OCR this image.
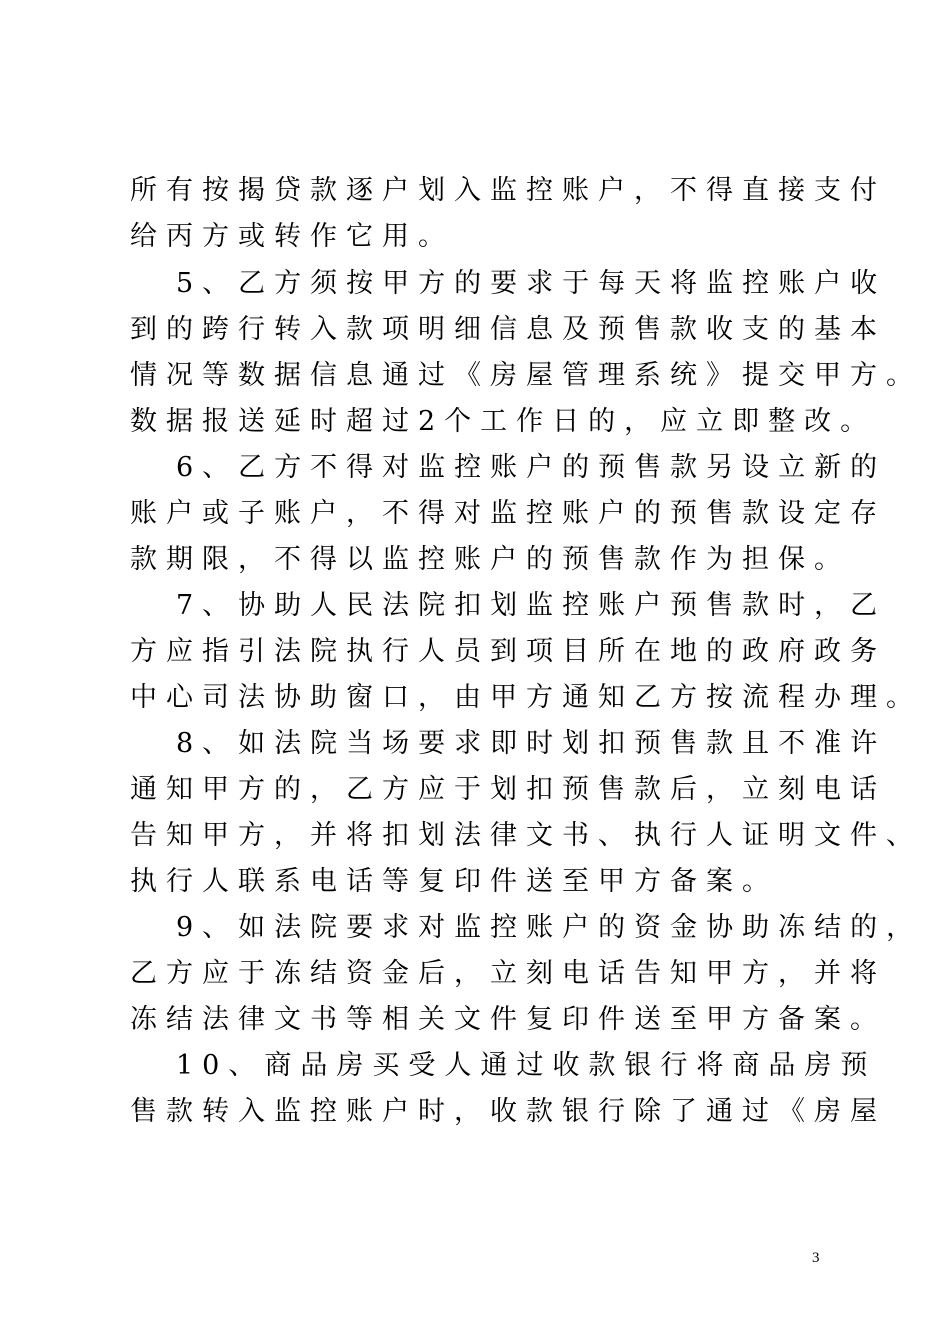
所有按揭贷款逐户划入监控账户，不得直接支付
给丙方或转作它用。
5、乙方须按甲方的要求于每天将监控账户收
到的跨行转入款项明细信息及预售款收支的基本
情况等数据信息通过《房屋管理系统》提交甲方。
数据报送延时超过2个工作日的，应立即整改。
6、乙方不得对监控账户的预售款另设立新的
账户或子账户，不得对监控账户的预售款设定存
款期限，不得以监控账户的预售款作为担保。
7、协助人民法院扣划监控账户预售款时，乙
方应指引法院执行人员到项目所在地的政府政务
中心司法协助窗口，由甲方通知乙方按流程办理。
8、如法院当场要求即时划扣预售款且不准许
通知甲方的，乙方应于划扣预售款后，立刻电话
告知甲方，并将扣划法律文书、执行人证明文件、
执行人联系电话等复印件送至甲方备案。
9、如法院要求对监控账户的资金协助冻结的，
乙方应于冻结资金后，立刻电话告知甲方，并将
冻结法律文书等相关文件复印件送至甲方备案。
10、商品房买受人通过收款银行将商品房预
售款转入监控账户时，收款银行除了通过《房屋
3
